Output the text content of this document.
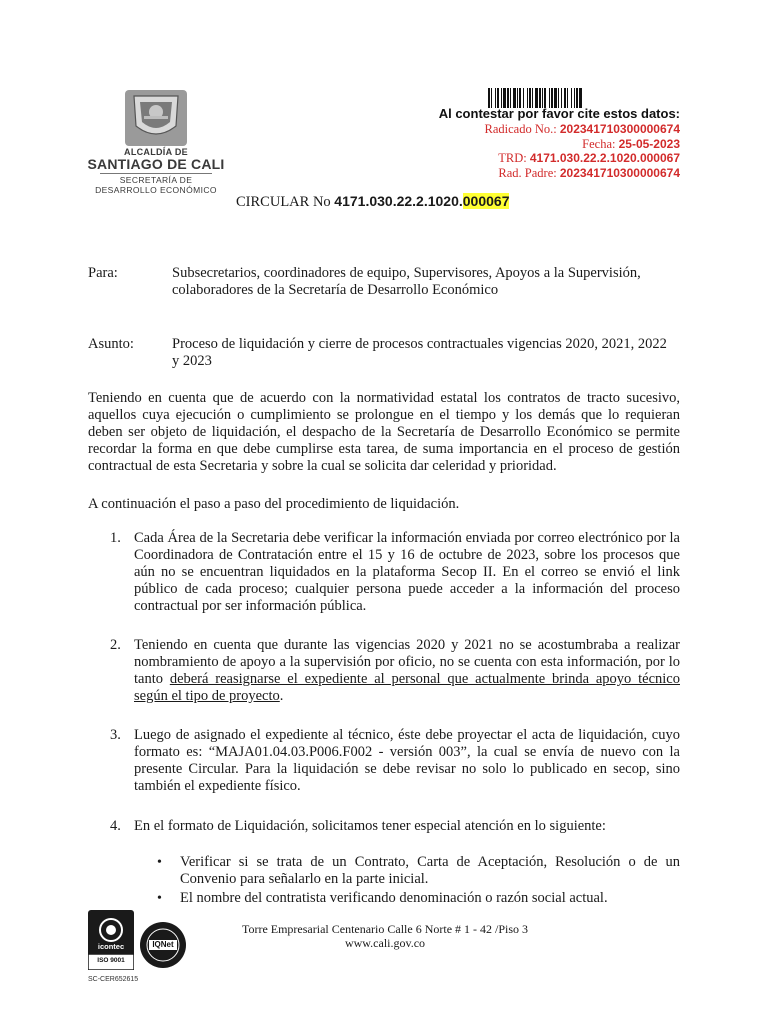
ALCALDÍA DE
SANTIAGO DE CALI
SECRETARÍA DE
DESARROLLO ECONÓMICO
Al contestar por favor cite estos datos:
Radicado No.: 202341710300000674
Fecha: 25-05-2023
TRD: 4171.030.22.2.1020.000067
Rad. Padre: 202341710300000674
CIRCULAR No 4171.030.22.2.1020.000067
Para:	Subsecretarios, coordinadores de equipo, Supervisores, Apoyos a la Supervisión,
colaboradores de la Secretaría de Desarrollo Económico
Asunto:	Proceso de liquidación y cierre de procesos contractuales vigencias 2020, 2021, 2022
y 2023
Teniendo en cuenta que de acuerdo con la normatividad estatal los contratos de tracto sucesivo, aquellos cuya ejecución o cumplimiento se prolongue en el tiempo y los demás que lo requieran deben ser objeto de liquidación, el despacho de la Secretaría de Desarrollo Económico se permite recordar la forma en que debe cumplirse esta tarea, de suma importancia en el proceso de gestión contractual de esta Secretaria y sobre la cual se solicita dar celeridad y prioridad.
A continuación el paso a paso del procedimiento de liquidación.
1. Cada Área de la Secretaria debe verificar la información enviada por correo electrónico por la Coordinadora de Contratación entre el 15 y 16 de octubre de 2023, sobre los procesos que aún no se encuentran liquidados en la plataforma Secop II. En el correo se envió el link público de cada proceso; cualquier persona puede acceder a la información del proceso contractual por ser información pública.
2. Teniendo en cuenta que durante las vigencias 2020 y 2021 no se acostumbraba a realizar nombramiento de apoyo a la supervisión por oficio, no se cuenta con esta información, por lo tanto deberá reasignarse el expediente al personal que actualmente brinda apoyo técnico según el tipo de proyecto.
3. Luego de asignado el expediente al técnico, éste debe proyectar el acta de liquidación, cuyo formato es: “MAJA01.04.03.P006.F002 - versión 003”, la cual se envía de nuevo con la presente Circular. Para la liquidación se debe revisar no solo lo publicado en secop, sino también el expediente físico.
4. En el formato de Liquidación, solicitamos tener especial atención en lo siguiente:
• Verificar si se trata de un Contrato, Carta de Aceptación, Resolución o de un Convenio para señalarlo en la parte inicial.
• El nombre del contratista verificando denominación o razón social actual.
icontec
ISO 9001
IQNet
SC-CER652615
Torre Empresarial Centenario Calle 6 Norte # 1 - 42 /Piso 3
www.cali.gov.co
